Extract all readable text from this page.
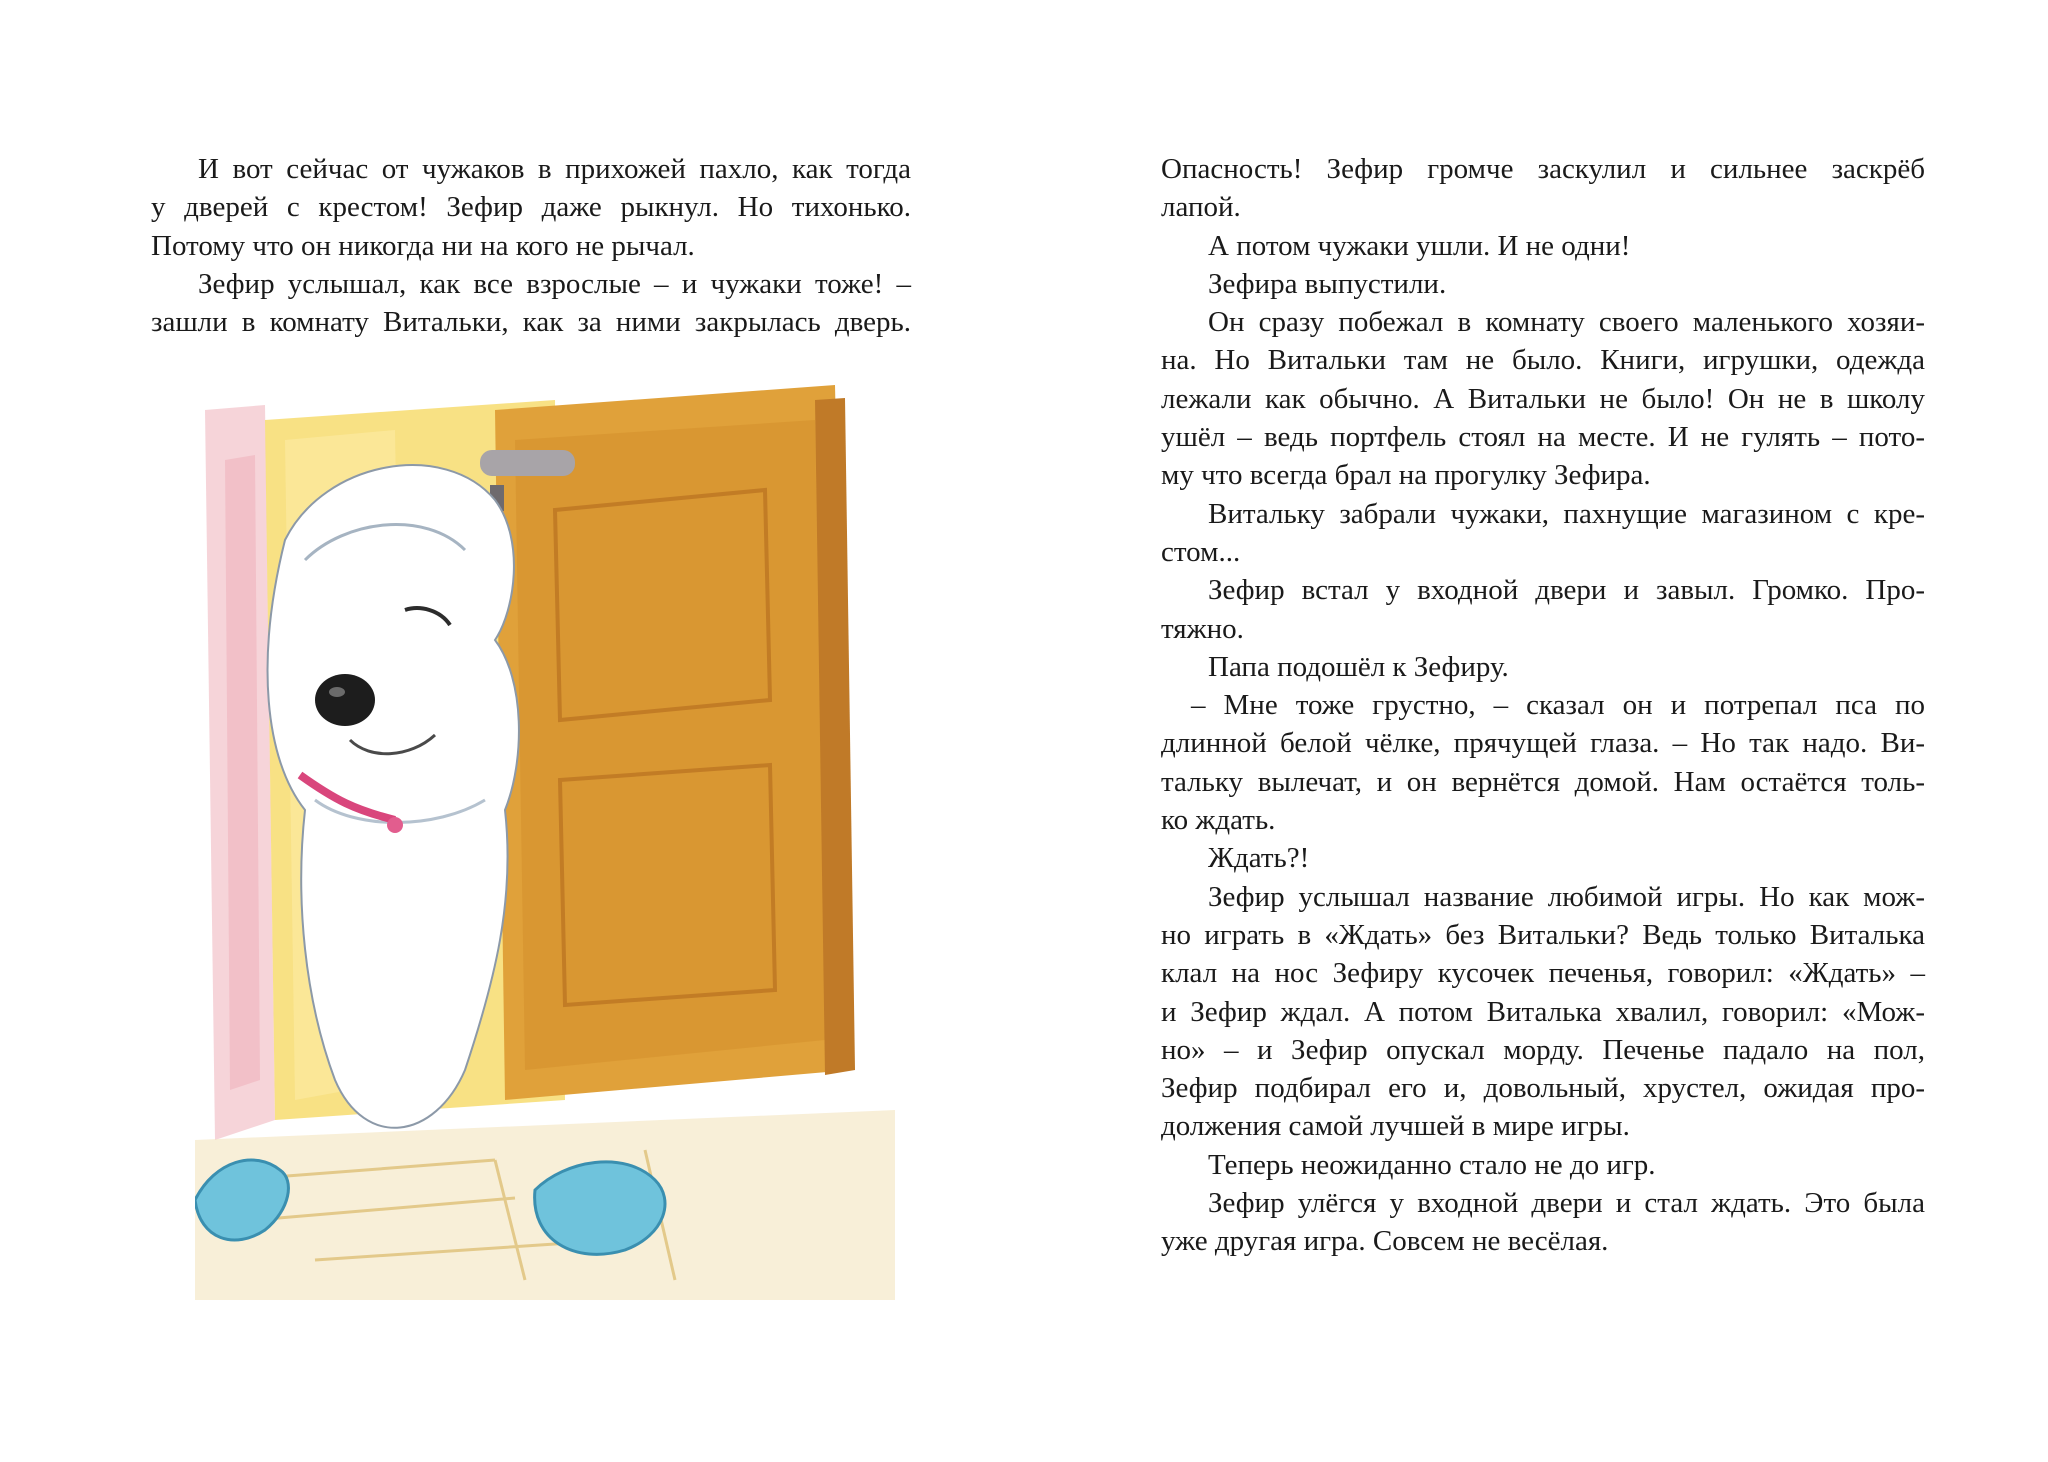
И вот сейчас от чужаков в прихожей пахло, как тогда
у дверей с крестом! Зефир даже рыкнул. Но тихонько.
Потому что он никогда ни на кого не рычал.
Зефир услышал, как все взрослые – и чужаки тоже! –
зашли в комнату Витальки, как за ними закрылась дверь.
Опасность! Зефир громче заскулил и сильнее заскрёб
лапой.
А потом чужаки ушли. И не одни!
Зефира выпустили.
Он сразу побежал в комнату своего маленького хозяи-
на. Но Витальки там не было. Книги, игрушки, одежда
лежали как обычно. А Витальки не было! Он не в школу
ушёл – ведь портфель стоял на месте. И не гулять – пото-
му что всегда брал на прогулку Зефира.
Витальку забрали чужаки, пахнущие магазином с кре-
стом...
Зефир встал у входной двери и завыл. Громко. Про-
тяжно.
Папа подошёл к Зефиру.
– Мне тоже грустно, – сказал он и потрепал пса по
длинной белой чёлке, прячущей глаза. – Но так надо. Ви-
тальку вылечат, и он вернётся домой. Нам остаётся толь-
ко ждать.
Ждать?!
Зефир услышал название любимой игры. Но как мож-
но играть в «Ждать» без Витальки? Ведь только Виталька
клал на нос Зефиру кусочек печенья, говорил: «Ждать» –
и Зефир ждал. А потом Виталька хвалил, говорил: «Мож-
но» – и Зефир опускал морду. Печенье падало на пол,
Зефир подбирал его и, довольный, хрустел, ожидая про-
должения самой лучшей в мире игры.
Теперь неожиданно стало не до игр.
Зефир улёгся у входной двери и стал ждать. Это была
уже другая игра. Совсем не весёлая.
